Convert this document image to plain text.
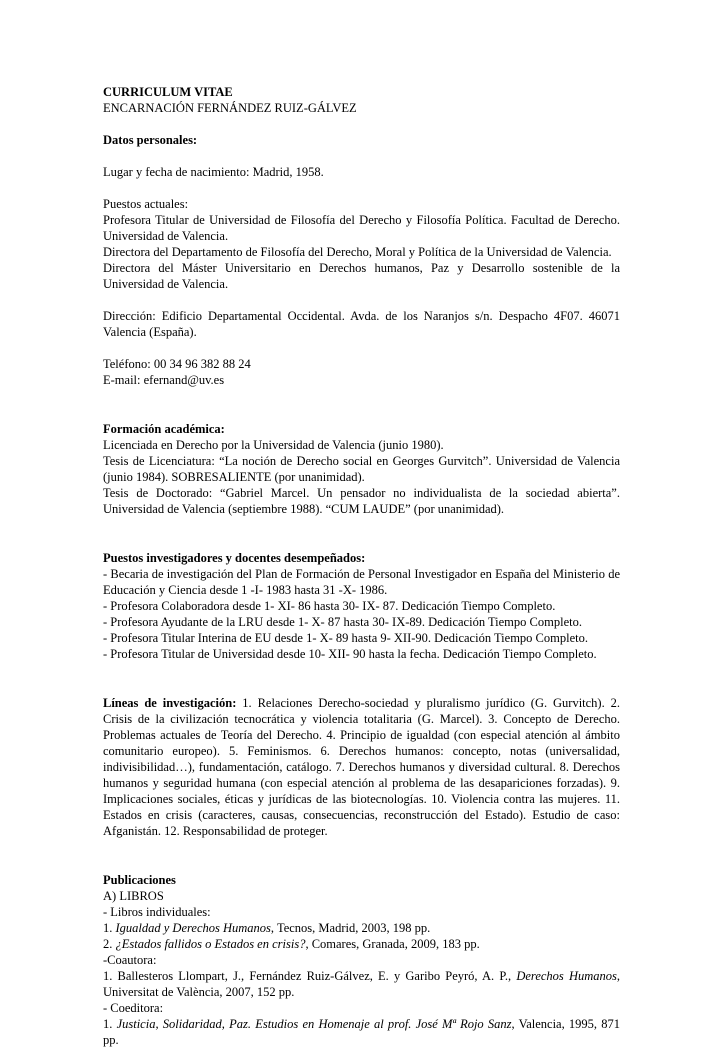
CURRICULUM VITAE

ENCARNACIÓN FERNÁNDEZ RUIZ-GÁLVEZ

Datos personales:

Lugar y fecha de nacimiento: Madrid, 1958.

Puestos actuales:

Profesora Titular de Universidad de Filosofía del Derecho y Filosofía Política. Facultad de Derecho. Universidad de Valencia.

Directora del Departamento de Filosofía del Derecho, Moral y Política de la Universidad de Valencia.

Directora del Máster Universitario en Derechos humanos, Paz y Desarrollo sostenible de la Universidad de Valencia.

Dirección: Edificio Departamental Occidental. Avda. de los Naranjos s/n. Despacho 4F07. 46071 Valencia (España).

Teléfono: 00 34 96 382 88 24

E-mail: efernand@uv.es

Formación académica:

Licenciada en Derecho por la Universidad de Valencia (junio 1980).

Tesis de Licenciatura: “La noción de Derecho social en Georges Gurvitch”. Universidad de Valencia (junio 1984). SOBRESALIENTE (por unanimidad).

Tesis de Doctorado: “Gabriel Marcel. Un pensador no individualista de la sociedad abierta”. Universidad de Valencia (septiembre 1988). “CUM LAUDE” (por unanimidad).

Puestos investigadores y docentes desempeñados:

- Becaria de investigación del Plan de Formación de Personal Investigador en España del Ministerio de Educación y Ciencia desde 1 -I- 1983 hasta 31 -X- 1986.

- Profesora Colaboradora desde 1- XI- 86 hasta 30- IX- 87. Dedicación Tiempo Completo.

- Profesora Ayudante de la LRU desde 1- X- 87 hasta 30- IX-89. Dedicación Tiempo Completo.

- Profesora Titular Interina de EU desde 1- X- 89 hasta 9- XII-90. Dedicación Tiempo Completo.

- Profesora Titular de Universidad desde 10- XII- 90 hasta la fecha. Dedicación Tiempo Completo.

Líneas de investigación: 1. Relaciones Derecho-sociedad y pluralismo jurídico (G. Gurvitch). 2. Crisis de la civilización tecnocrática y violencia totalitaria (G. Marcel). 3. Concepto de Derecho. Problemas actuales de Teoría del Derecho. 4. Principio de igualdad (con especial atención al ámbito comunitario europeo). 5. Feminismos. 6. Derechos humanos: concepto, notas (universalidad, indivisibilidad…), fundamentación, catálogo. 7. Derechos humanos y diversidad cultural. 8. Derechos humanos y seguridad humana (con especial atención al problema de las desapariciones forzadas). 9. Implicaciones sociales, éticas y jurídicas de las biotecnologías. 10. Violencia contra las mujeres. 11. Estados en crisis (caracteres, causas, consecuencias, reconstrucción del Estado). Estudio de caso: Afganistán. 12. Responsabilidad de proteger.

Publicaciones

A) LIBROS

- Libros individuales:

1. Igualdad y Derechos Humanos, Tecnos, Madrid, 2003, 198 pp.

2. ¿Estados fallidos o Estados en crisis?, Comares, Granada, 2009, 183 pp.

-Coautora:

1. Ballesteros Llompart, J., Fernández Ruiz-Gálvez, E. y Garibo Peyró, A. P., Derechos Humanos, Universitat de València, 2007, 152 pp.

- Coeditora:

1. Justicia, Solidaridad, Paz. Estudios en Homenaje al prof. José Mª Rojo Sanz, Valencia, 1995, 871 pp.
